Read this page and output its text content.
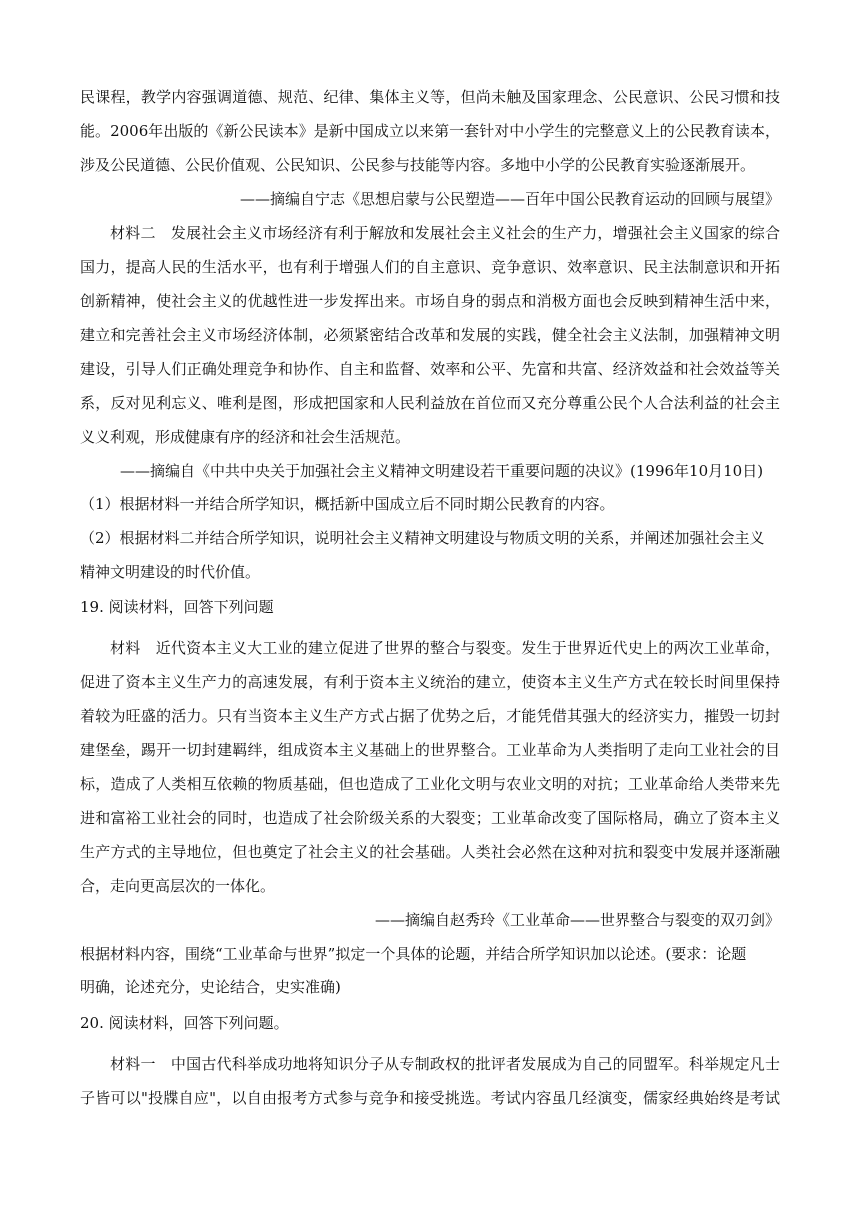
民课程，教学内容强调道德、规范、纪律、集体主义等，但尚未触及国家理念、公民意识、公民习惯和技
能。2006年出版的《新公民读本》是新中国成立以来第一套针对中小学生的完整意义上的公民教育读本，
涉及公民道德、公民价值观、公民知识、公民参与技能等内容。多地中小学的公民教育实验逐渐展开。
——摘编自宁志《思想启蒙与公民塑造——百年中国公民教育运动的回顾与展望》
材料二　发展社会主义市场经济有利于解放和发展社会主义社会的生产力，增强社会主义国家的综合
国力，提高人民的生活水平，也有利于增强人们的自主意识、竞争意识、效率意识、民主法制意识和开拓
创新精神，使社会主义的优越性进一步发挥出来。市场自身的弱点和消极方面也会反映到精神生活中来，
建立和完善社会主义市场经济体制，必须紧密结合改革和发展的实践，健全社会主义法制，加强精神文明
建设，引导人们正确处理竞争和协作、自主和监督、效率和公平、先富和共富、经济效益和社会效益等关
系，反对见利忘义、唯利是图，形成把国家和人民利益放在首位而又充分尊重公民个人合法利益的社会主
义义利观，形成健康有序的经济和社会生活规范。
——摘编自《中共中央关于加强社会主义精神文明建设若干重要问题的决议》(1996年10月10日)
（1）根据材料一并结合所学知识，概括新中国成立后不同时期公民教育的内容。
（2）根据材料二并结合所学知识，说明社会主义精神文明建设与物质文明的关系，并阐述加强社会主义
精神文明建设的时代价值。
19. 阅读材料，回答下列问题
材料　近代资本主义大工业的建立促进了世界的整合与裂变。发生于世界近代史上的两次工业革命，
促进了资本主义生产力的高速发展，有利于资本主义统治的建立，使资本主义生产方式在较长时间里保持
着较为旺盛的活力。只有当资本主义生产方式占据了优势之后，才能凭借其强大的经济实力，摧毁一切封
建堡垒，踢开一切封建羁绊，组成资本主义基础上的世界整合。工业革命为人类指明了走向工业社会的目
标，造成了人类相互依赖的物质基础，但也造成了工业化文明与农业文明的对抗；工业革命给人类带来先
进和富裕工业社会的同时，也造成了社会阶级关系的大裂变；工业革命改变了国际格局，确立了资本主义
生产方式的主导地位，但也奠定了社会主义的社会基础。人类社会必然在这种对抗和裂变中发展并逐渐融
合，走向更高层次的一体化。
——摘编自赵秀玲《工业革命——世界整合与裂变的双刃剑》
根据材料内容，围绕“工业革命与世界”拟定一个具体的论题，并结合所学知识加以论述。(要求：论题
明确，论述充分，史论结合，史实准确)
20. 阅读材料，回答下列问题。
材料一　中国古代科举成功地将知识分子从专制政权的批评者发展成为自己的同盟军。科举规定凡士
子皆可以"投牒自应"，以自由报考方式参与竞争和接受挑选。考试内容虽几经演变，儒家经典始终是考试
